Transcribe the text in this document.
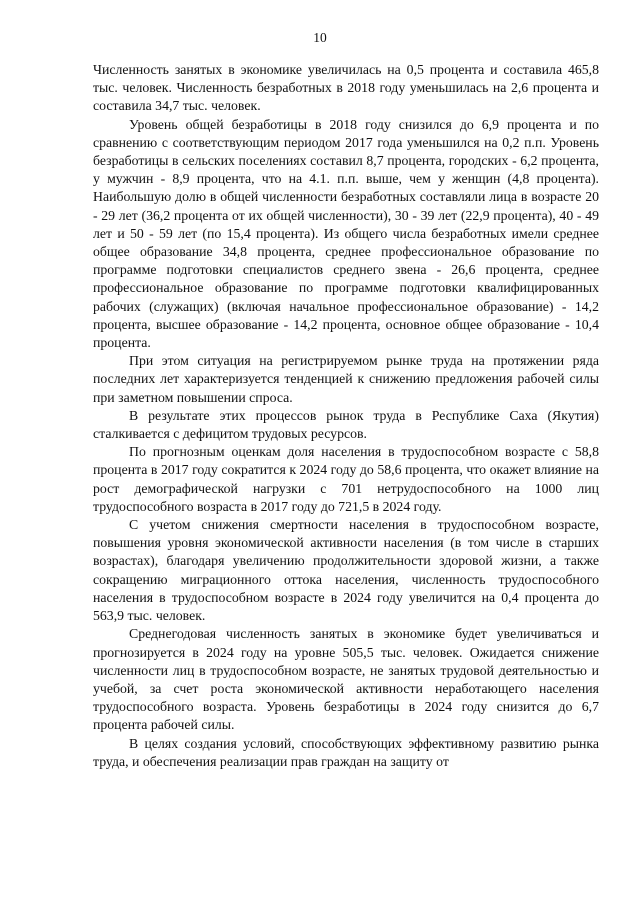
10

Численность занятых в экономике увеличилась на 0,5 процента и составила 465,8 тыс. человек. Численность безработных в 2018 году уменьшилась на 2,6 процента и составила 34,7 тыс. человек.

Уровень общей безработицы в 2018 году снизился до 6,9 процента и по сравнению с соответствующим периодом 2017 года уменьшился на 0,2 п.п. Уровень безработицы в сельских поселениях составил 8,7 процента, городских - 6,2 процента, у мужчин - 8,9 процента, что на 4.1. п.п. выше, чем у женщин (4,8 процента). Наибольшую долю в общей численности безработных составляли лица в возрасте 20 - 29 лет (36,2 процента от их общей численности), 30 - 39 лет (22,9 процента), 40 - 49 лет и 50 - 59 лет (по 15,4 процента). Из общего числа безработных имели среднее общее образование 34,8 процента, среднее профессиональное образование по программе подготовки специалистов среднего звена - 26,6 процента, среднее профессиональное образование по программе подготовки квалифицированных рабочих (служащих) (включая начальное профессиональное образование) - 14,2 процента, высшее образование - 14,2 процента, основное общее образование - 10,4 процента.

При этом ситуация на регистрируемом рынке труда на протяжении ряда последних лет характеризуется тенденцией к снижению предложения рабочей силы при заметном повышении спроса.

В результате этих процессов рынок труда в Республике Саха (Якутия) сталкивается с дефицитом трудовых ресурсов.

По прогнозным оценкам доля населения в трудоспособном возрасте с 58,8 процента в 2017 году сократится к 2024 году до 58,6 процента, что окажет влияние на рост демографической нагрузки с 701 нетрудоспособного на 1000 лиц трудоспособного возраста в 2017 году до 721,5 в 2024 году.

С учетом снижения смертности населения в трудоспособном возрасте, повышения уровня экономической активности населения (в том числе в старших возрастах), благодаря увеличению продолжительности здоровой жизни, а также сокращению миграционного оттока населения, численность трудоспособного населения в трудоспособном возрасте в 2024 году увеличится на 0,4 процента до 563,9 тыс. человек.

Среднегодовая численность занятых в экономике будет увеличиваться и прогнозируется в 2024 году на уровне 505,5 тыс. человек. Ожидается снижение численности лиц в трудоспособном возрасте, не занятых трудовой деятельностью и учебой, за счет роста экономической активности неработающего населения трудоспособного возраста. Уровень безработицы в 2024 году снизится до 6,7 процента рабочей силы.

В целях создания условий, способствующих эффективному развитию рынка труда, и обеспечения реализации прав граждан на защиту от
